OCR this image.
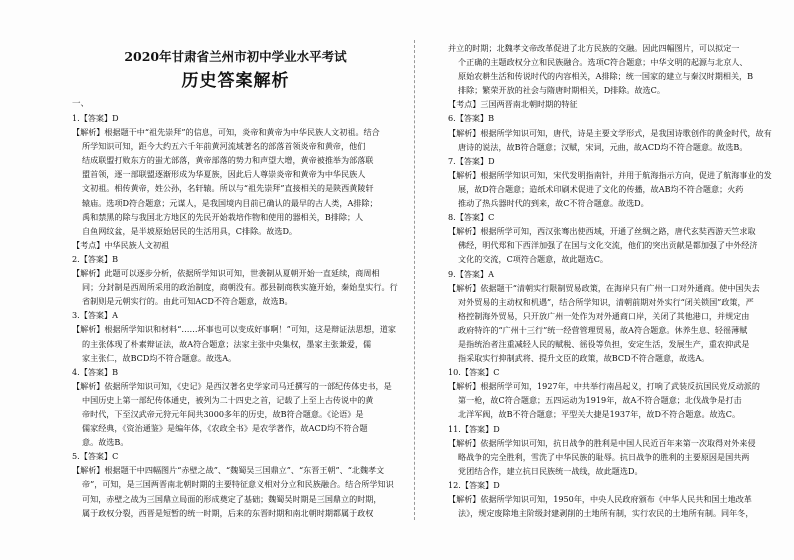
2020年甘肃省兰州市初中学业水平考试
历史答案解析
一、
1.【答案】D
【解析】根据题干中“祖先崇拜”的信息，可知，炎帝和黄帝为中华民族人文初祖。结合
所学知识可知，距今大约五六千年前黄河流域著名的部落首领炎帝和黄帝，他们
结成联盟打败东方的蚩尤部落，黄帝部落的势力和声望大增，黄帝被推举为部落联
盟首领，逐一部联盟逐渐形成为华夏族，因此后人尊崇炎帝和黄帝为中华民族人
文初祖。相传黄帝，姓公孙，名轩辕。所以与“祖先崇拜”直接相关的是陕西黄陵轩
辕庙。选项D符合题意；元谋人，是我国境内目前已确认的最早的古人类，A排除；
禹和禁黑的除与我国北方地区的先民开始栽培作物和使用的器相关，B排除；人
自鱼网纹盆，是半坡原始居民的生活用具，C排除。故选D。
【考点】中华民族人文初祖
2.【答案】B
【解析】此题可以逐步分析，依据所学知识可知，世袭制从夏朝开始一直延续，商周相
同；分封制是西周所采用的政治制度，商朝没有。郡县制商秩实施开始，秦始皇实行。行
省制则是元朝实行的。由此可知ACD不符合题意，故选B。
3.【答案】A
【解析】根据所学知识和材料“……坏事也可以变成好事啊！”可知，这是辩证法思想，道家
的主张体现了朴素辩证法，故A符合题意；法家主张中央集权，墨家主张兼爱，儒
家主张仁，故BCD均不符合题意。故选A。
4.【答案】B
【解析】依据所学知识可知，《史记》是西汉著名史学家司马迁撰写的一部纪传体史书，是
中国历史上第一部纪传体通史，被列为二十四史之首，记载了上至上古传说中的黄
帝时代，下至汉武帝元狩元年间共3000多年的历史，故B符合题意。《论语》是
儒家经典，《资治通鉴》是编年体，《农政全书》是农学著作，故ACD均不符合题
意。故选B。
5.【答案】C
【解析】根据题干中四幅图片“赤壁之战”、“魏蜀吴三国鼎立”、“东晋王朝”、“北魏孝文
帝”，可知，是三国两晋南北朝时期的主要特征意义相对分立和民族融合。结合所学知识
可知，赤壁之战为三国鼎立局面的形成奠定了基础；魏蜀吴时期是三国鼎立的时期，
属于政权分裂，西晋是短暂的统一时期，后来的东晋时期和南北朝时期都属于政权
并立的时期；北魏孝文帝改革促进了北方民族的交融。因此四幅图片，可以拟定一
个正确的主题政权分立和民族融合。选项C符合题意；中华文明的起源与北京人、
原始农耕生活和传说时代的内容相关，A排除；统一国家的建立与秦汉时期相关，B
排除；繁荣开放的社会与隋唐时期相关，D排除。故选C。
【考点】三国两晋南北朝时期的特征
6.【答案】B
【解析】根据所学知识可知，唐代，诗是主要文学形式，是我国诗歌创作的黄金时代，故有
唐诗的说法，故B符合题意；汉赋，宋词，元曲，故ACD均不符合题意。故选B。
7.【答案】D
【解析】根据所学知识可知，宋代发明指南针，并用于航海指示方向，促进了航海事业的发
展，故D符合题意；造纸术印刷术促进了文化的传播，故AB均不符合题意；火药
推动了热兵器时代的到来，故C不符合题意。故选D。
8.【答案】C
【解析】根据所学可知，西汉张骞出使西域，开通了丝绸之路，唐代玄奘西游天竺求取
佛经，明代郑和下西洋加强了在国与文化交流，他们的突出贡献是都加强了中外经济
文化的交流，C项符合题意，故此题选C。
9.【答案】A
【解析】依据题干“清朝实行限制贸易政策，在海岸只有广州一口对外通商。使中国失去
对外贸易的主动权和机遇”，结合所学知识，清朝前期对外实行“闭关锁国”政策，严
格控制海外贸易，只开放广州一处作为对外通商口岸，关闭了其他港口，并规定由
政府特许的“广州十三行”统一经营管理贸易，故A符合题意。休养生息、轻徭薄赋
是指统治者注重减轻人民的赋税、徭役等负担，安定生活，发展生产，重农抑武是
指采取实行抑制武将、提升文臣的政策，故BCD不符合题意，故选A。
10.【答案】C
【解析】根据所学可知，1927年，中共举行南昌起义，打响了武装反抗国民党反动派的
第一枪，故C符合题意；五四运动为1919年，故A不符合题意；北伐战争是打击
北洋军阀，故B不符合题意；平型关大捷是1937年，故D不符合题意。故选C。
11.【答案】D
【解析】依据所学知识可知，抗日战争的胜利是中国人民近百年来第一次取得对外来侵
略战争的完全胜利，雪洗了中华民族的耻辱。抗日战争的胜利的主要原因是国共两
党团结合作，建立抗日民族统一战线，故此题选D。
12.【答案】D
【解析】依据所学知识可知，1950年，中央人民政府颁布《中华人民共和国土地改革
法》，规定废除地主阶级封建剥削的土地所有制，实行农民的土地所有制。同年冬，
